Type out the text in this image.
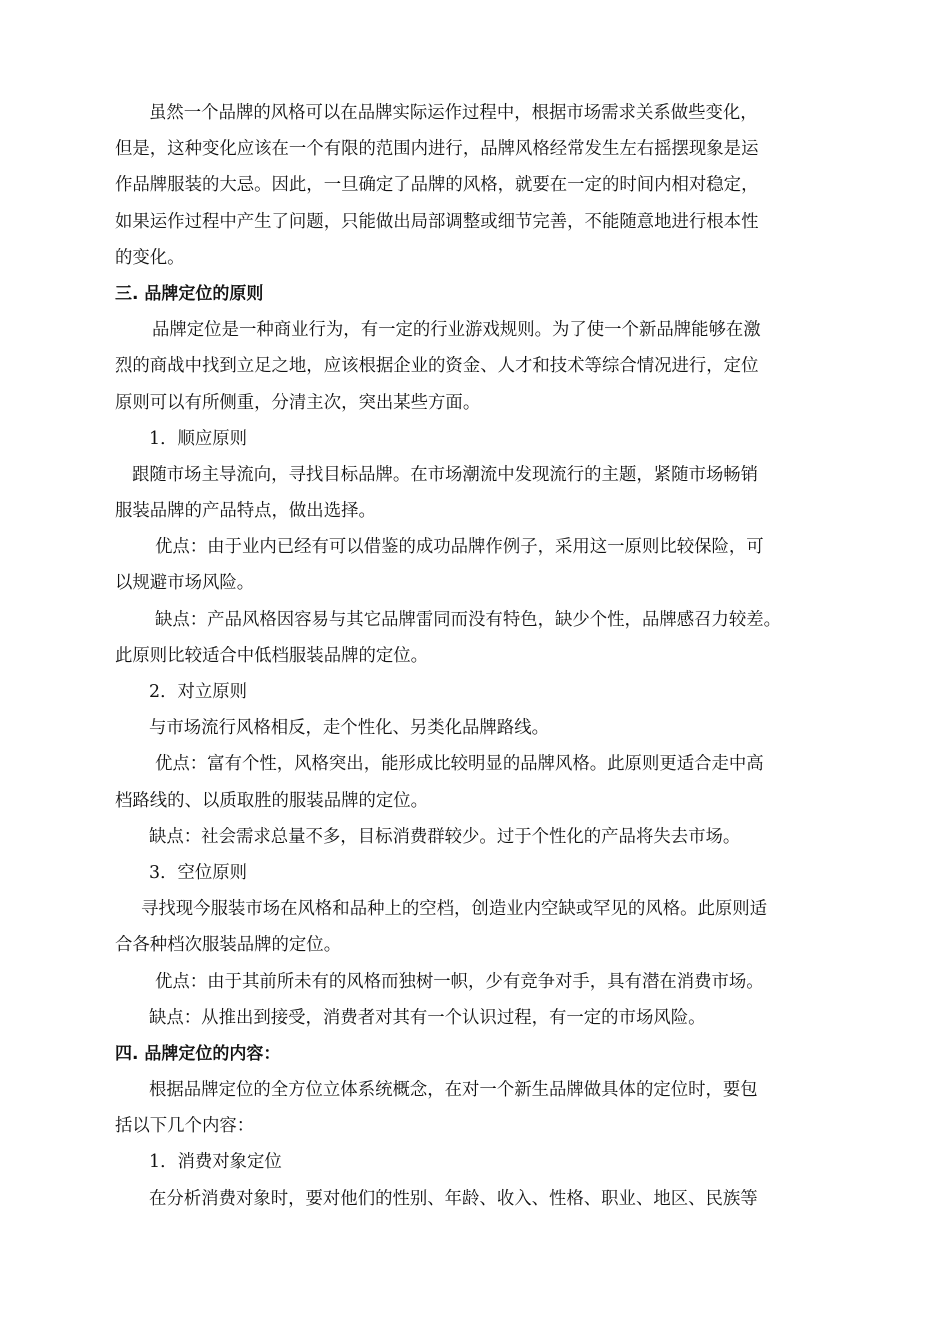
虽然一个品牌的风格可以在品牌实际运作过程中，根据市场需求关系做些变化，
但是，这种变化应该在一个有限的范围内进行，品牌风格经常发生左右摇摆现象是运
作品牌服装的大忌。因此，一旦确定了品牌的风格，就要在一定的时间内相对稳定，
如果运作过程中产生了问题，只能做出局部调整或细节完善，不能随意地进行根本性
的变化。
三. 品牌定位的原则
品牌定位是一种商业行为，有一定的行业游戏规则。为了使一个新品牌能够在激
烈的商战中找到立足之地，应该根据企业的资金、人才和技术等综合情况进行，定位
原则可以有所侧重，分清主次，突出某些方面。
1．顺应原则
跟随市场主导流向，寻找目标品牌。在市场潮流中发现流行的主题，紧随市场畅销
服装品牌的产品特点，做出选择。
优点：由于业内已经有可以借鉴的成功品牌作例子，采用这一原则比较保险，可
以规避市场风险。
缺点：产品风格因容易与其它品牌雷同而没有特色，缺少个性，品牌感召力较差。
此原则比较适合中低档服装品牌的定位。
2．对立原则
与市场流行风格相反，走个性化、另类化品牌路线。
优点：富有个性，风格突出，能形成比较明显的品牌风格。此原则更适合走中高
档路线的、以质取胜的服装品牌的定位。
缺点：社会需求总量不多，目标消费群较少。过于个性化的产品将失去市场。
3．空位原则
寻找现今服装市场在风格和品种上的空档，创造业内空缺或罕见的风格。此原则适
合各种档次服装品牌的定位。
优点：由于其前所未有的风格而独树一帜，少有竞争对手，具有潜在消费市场。
缺点：从推出到接受，消费者对其有一个认识过程，有一定的市场风险。
四. 品牌定位的内容：
根据品牌定位的全方位立体系统概念，在对一个新生品牌做具体的定位时，要包
括以下几个内容：
1．消费对象定位
在分析消费对象时，要对他们的性别、年龄、收入、性格、职业、地区、民族等
